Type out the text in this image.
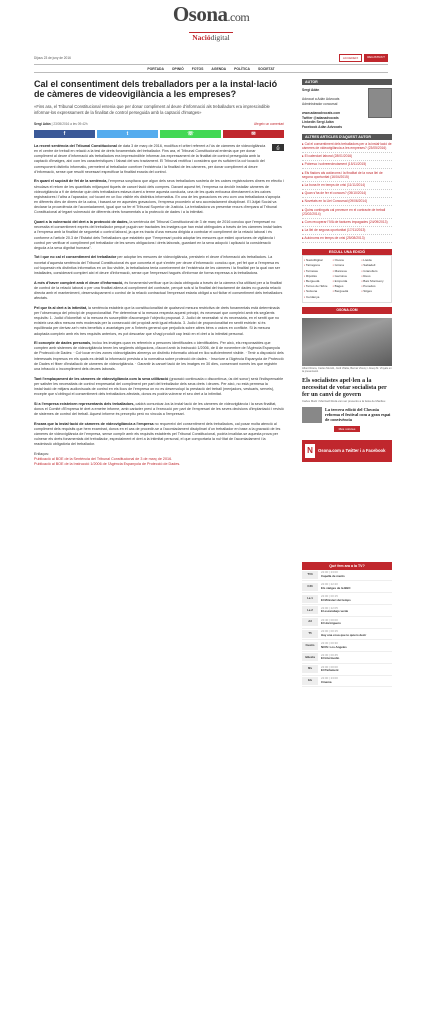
Osona.com
Naciódigital
Dijous 23 de juny de 2016	ACCEDEIX	REGISTRA'T
PORTADA OPINIÓ FOTOS AGENDA POLÍTICA SOCIETAT
Cal el consentiment dels treballadors per a la instal·lació de càmeres de videovigilància a les empreses?

«Fins ara, el Tribunal Constitucional entenia que per donar compliment al deure d'informació als treballadors era imprescindible informar-los expressament de la finalitat de control perseguida amb la captació d'imatges»

Sergi Adán | 23/05/2016 a les 09:42h	Afegeix un comentari
f	t	☏	✉
⎙

La recent sentència del Tribunal Constitucional de data 3 de març de 2016, modifica el criteri referent a l'ús de càmeres de videovigilància en el centre de treball en relació a la tesi de drets fonamentals del treballador. Fins ara, el Tribunal Constitucional entenia que per donar compliment al deure d'informació als treballadors era imprescindible informar-los expressament de la finalitat de control perseguida amb la captació d'imatges, així com les característiques i l'abast del seu tractament. El Tribunal rectifica i considera que és suficient la col·locació del corresponent distintiu informatiu, permetent al treballador conèixer l'existència i la finalitat de les càmeres, per donar compliment al deure d'informació, sense que resulti necessari especificar la finalitat exacta del control.

En quant el supòsit de fet de la sentència, l'empresa sospitava que algun dels seus treballadors sostreia de les caixes registradores diners en efectiu i simulava el retorn de les quantitats mitjançant tiquets de cancel·lació dels compres. Davant aquest fet, l'empresa va decidir installar càmeres de videovigilància a fi de detectar quin dels treballadors estava duent a terme aquesta conducta, una de les quals enfocava directament a les caixes registradores i l'altra a l'aparador, col·locant en un lloc visible els distintius informatius. En una de les gravacions es veu com una treballadora s'apropia en diferents dies de diners de la caixa, i basant-se en aquestes gravacions, l'empresa procedeix al seu acomiadament disciplinari. El Jutjat Social va declarar la procedència de l'acomiadament, igual que va fer el Tribunal Superior de Justícia. La treballadora va presentar recurs d'empara al Tribunal Constitucional al·legant vulneració de diferents drets fonamentals a la protecció de dades i a la intimitat.

Quant a la vulneració del dret a la protecció de dades, la sentència del Tribunal Constitucional de 3 de març de 2016 conclou que l'empresari no necessita el consentiment exprés del treballador perquè puguin ser tractades les imatges que han estat obtingudes a través de les càmeres instal·lades a l'empresa amb la finalitat de seguretat o control laboral, ja que es tracta d'una mesura dirigida a controlar el compliment de la relació laboral i és conforme a l'article 20.3 de l'Estatut dels Treballadors que estableix que "l'empresari podrà adoptar les mesures que estimi oportunes de vigilància i control per verificar el compliment pel treballador de les seves obligacions i drets laborals, guardant en la seva adopció i aplicació la consideració deguda a la seva dignitat humana".

Tot i que no cal el consentiment del treballador per adoptar les mesures de videovigilància, persisteix el deure d'informació als treballadors. La novetat d'aquesta sentència del Tribunal Constitucional és que concreta el què s'entén per deure d'informació: conclou que, pel fet que a l'empresa es col·loquessin els distintius informatius en un lloc visible, la treballadora tenia coneixement de l'existència de les càmeres i la finalitat per la qual van ser installades, considerant complert així el deure d'informació, sense que l'empresari hagués d'informar de forma expressa a la treballadora.

A més d'haver complert amb el deure d'informació, és fonamental verificar que la dada obtinguda a través de la càmera s'ha utilitzat per a la finalitat de control de la relació laboral o per una finalitat aliena al compliment del contracte, perquè sols si la finalitat del tractament de dades no guarda relació directa amb el manteniment, desenvolupament o control de la relació contractual l'empresari estaria obligat a sol·licitar el consentiment dels treballadors afectats.

Pel que fa al dret a la intimitat, la sentència estableix que la constitucionalitat de qualsevol mesura restrictiva de drets fonamentals està determinada per l'observança del principi de proporcionalitat. Per determinar si la mesura respecta aquest principi, és necessari que compleixi amb els següents requisits: 1. Judici d'idoneïtat: si la mesura és susceptible d'aconseguir l'objectiu proposat. 2. Judici de necessitat: si és necessària, en el sentit que no existeix una altra mesura més moderada per la consecució del propòsit amb igual eficàcia. 3. Judici de proporcionalitat en sentit estricte: si és equilibrada per derivar-se'n més beneficis o avantatges per a l'interès general que perjudicis sobre altres béns o valors en conflicte. Si la mesura adoptada compleix amb els tres requisits anteriors, es pot descartar que s'hagi produït cap lesió en el dret a la intimitat personal.

El concepte de dades personals, inclou les imatges quan es refereixin a persones identificades o identificables. Per això, els responsables que compten amb sistemes de videovigilància tenen les següents obligacions, d'acord amb la Instrucció 1/2006, de 8 de novembre de l'Agència Espanyola de Protecció de Dades: · Col·locar en les zones videovigilades almenys un distintiu informatiu ubicat en lloc suficientment visible. · Tenir a disposició dels interessats impresos en els quals es detalli la informació prevista a la normativa sobre protecció de dades. · Inscriure a l'Agència Espanyola de Protecció de Dades el fitxer d'installació de càmeres de videovigilància. · Garantir la cancel·lació de les imatges en 30 dies, conservant només les que registrin una infracció o incompliment dels deures laborals.

Tant l'emplaçament de les càmeres de videovigilància com la seva utilització (gravació continuada o discontínua, ús del sonor) serà l'indispensable per satisfer les necessitats de control empresarial del compliment per part del treballador dels seus drets i deures. Per això, no està permesa la instal·lació de mitjans audiovisuals de control en els llocs de l'empresa on no es desenvolupi la prestació del treball (menjadors, vestuaris, serveis), excepte que s'obtingui el consentiment dels treballadors afectats, doncs es podria vulnerar el seu dret a la intimitat.

Si a l'empresa existeixen representants dels treballadors, caldrà comunicar-los la instal·lació de les càmeres de videovigilància i la seva finalitat, doncs el Comitè d'Empresa té dret a emetre informe, amb caràcter previ a l'execució per part de l'empresari de les seves decisions d'implantació i revisió de sistemes de control del treball. Aquest informe és preceptiu però no vincula a l'empresari.

Encara que la instal·lació de càmeres de videovigilància a l'empresa no requereixi del consentiment dels treballadors, cal posar molta atenció al compliment dels requisits que hem examinat, doncs en el cas de procedir-se a l'acomiadament disciplinari d'un treballador en base a la gravació de les càmeres de videovigilància de l'empresa, sense complir amb els requisits establerts pel Tribunal Constitucional, podria invalidar-se aquesta prova per vulnerar els drets fonamentals del treballador, especialment el dret a la intimitat personal, el que comportaria la nul·litat de l'acomiadament i la readmissió obligatòria del treballador.

Enllaços:
Publicació al BOE de la Sentència del Tribunal Constitucional de 3 de març de 2016.
Publicació al BOE de la Instrucció 1/2006 de l'Agència Espanyola de Protecció de Dades.

AUTOR
Sergi Adán

Advocat a Adán Advocats
Administrador concursal

www.adanadvocats.com
Twitter @adanadvocats
Linkedin Sergi Adán
Facebook Adán Advocats
ALTRES ARTICLES D'AQUEST AUTOR
▸ Cal el consentiment dels treballadors per a la instal·lació de càmeres de videovigilància a les empreses? (23/05/2016)
▸ El calendari laboral (28/01/2016)
▸ Pobresa i sobreendeutament (15/11/2015)
▸ Els fiadors als autònoms i la finalitat de la nova llei de segona oportunitat (16/04/2015)
▸ La bona fe en temps de crisi (11/11/2014)
▸ Quan s'ha de fer el concurs? (05/10/2014)
▸ Novetats en la Llei Concursal (09/06/2014)
▸ Quins continguts cal preveure en el contracte de treball (23/02/2014)
▸ Com recuperar l'IVA de factures impagades (24/09/2013)
▸ La llei de segona oportunitat (17/11/2013)
▸ Autònoms en temps de crisi (25/08/2013)
ESCULL UNA EDICIÓ
▪ NacióDigital	▪ Osona	▪ Lleida
▪ Tarragona	▪ Girona	▪ Sabadell
▪ Terrassa	▪ Manresa	▪ Granollers
▪ Ripollès	▪ Garrotxa	▪ Reus
▪ Berguedà	▪ Emporda	▪ Baix Montseny
▪ Terres de l'Ebre	▪ Bages	▪ Penedès
▪ Solsona	▪ Berguedà	▪ Sitges
▪ Cerdanya
OSONA.COM
Albert Roura, Carles Mundó, Jordi Vilalta, Bernat Vicenç i Josep M. Vinyals en la presentació
Els socialistes apel·len a la necessitat de votar socialista per fer un canvi de govern
Carles Martí i Meritxell Roda van ser presents a la festa de Manlleu
La tercera edició del Clownia reforma el festival com a gran espai de convivència
Més notícies
N	Osona.com a Twitter i a Facebook
Què fem ara a la TV?
TV3	22:00 | 23:00
Capella de ments
C33	22:00 | 22:20
Els viatges de la BBC
La 1	22:00 | 00:15
El Ministeri del temps
La 2	22:00 | 22:05
El escarabajo verde
A3	22:40 | 00:00
El Hormiguero
T5	22:00 | 00:15
Hay una cosa que te quiero decir
Cuatro	22:30 | 00:30
NCIS: Los Angeles
laSexta	22:30 | 00:45
El Intermedio
8tv	22:00 | 00:00
El Parlament
btv	22:00 | 23:00
Cinema
